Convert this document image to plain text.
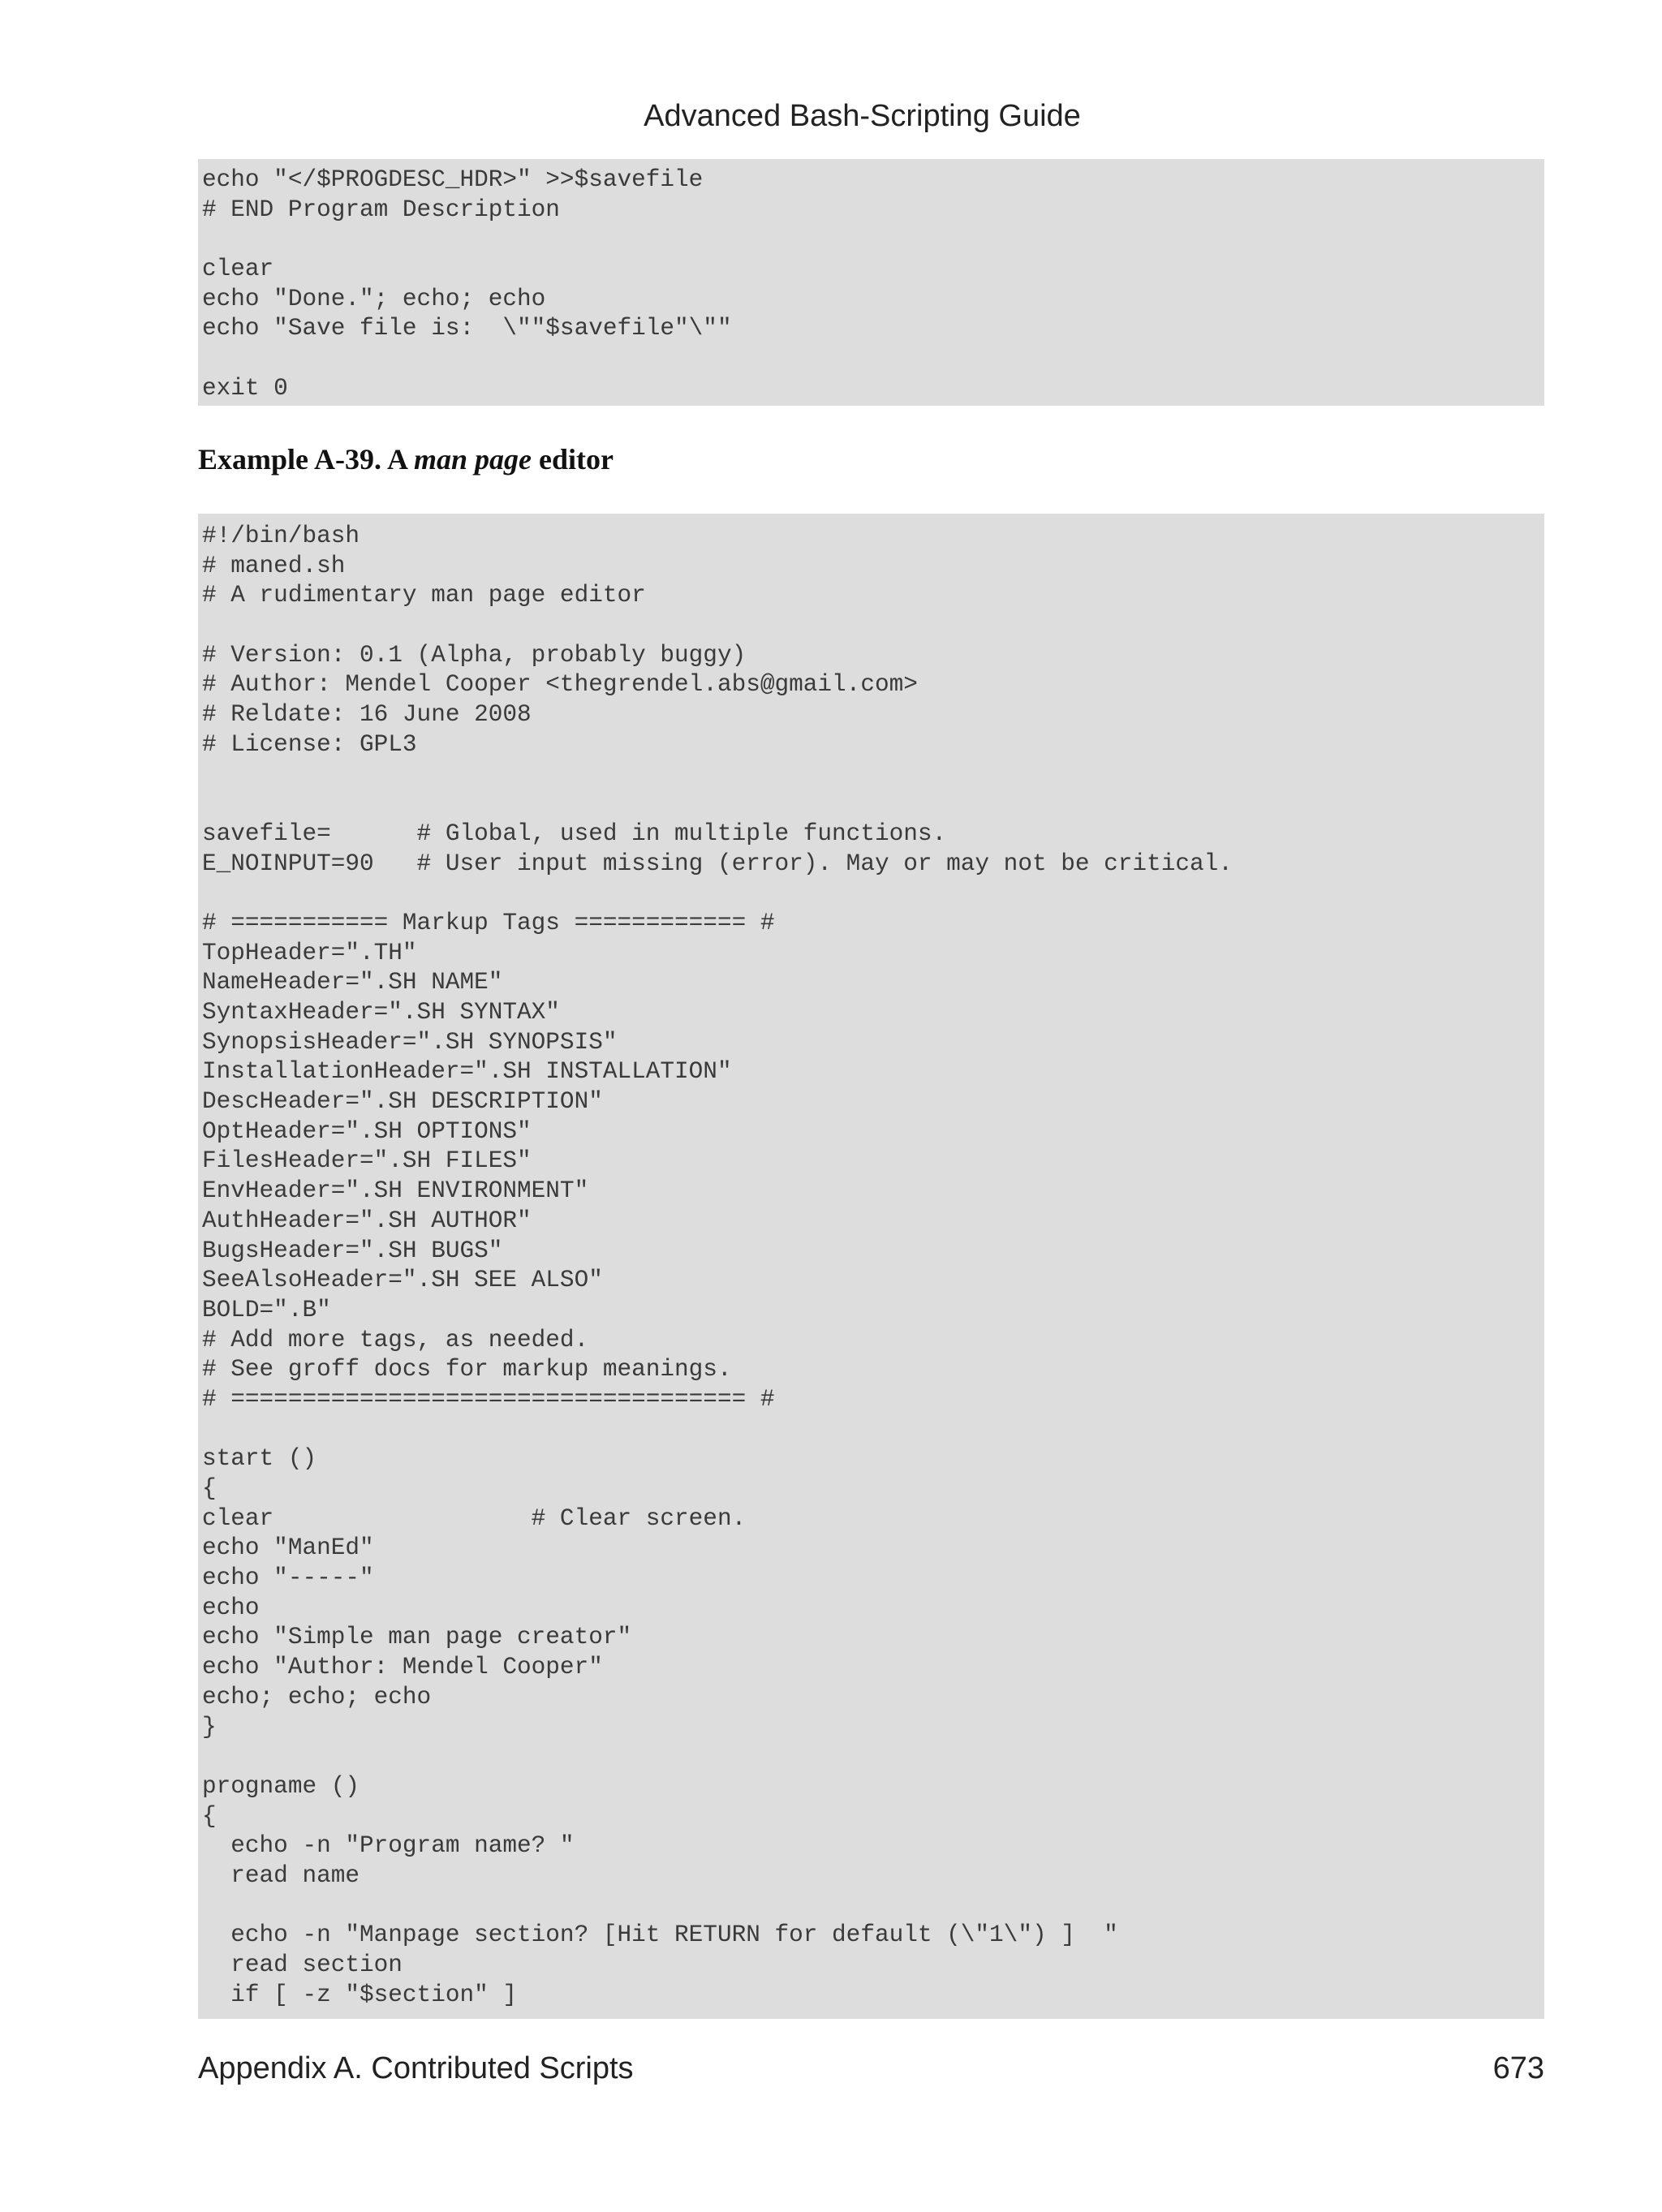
Advanced Bash-Scripting Guide
echo "</$PROGDESC_HDR>" >>$savefile
# END Program Description
clear
echo "Done."; echo; echo
echo "Save file is:  \""$savefile"\""
exit 0
Example A-39. A man page editor
#!/bin/bash
# maned.sh
# A rudimentary man page editor
# Version: 0.1 (Alpha, probably buggy)
# Author: Mendel Cooper <thegrendel.abs@gmail.com>
# Reldate: 16 June 2008
# License: GPL3
savefile=      # Global, used in multiple functions.
E_NOINPUT=90   # User input missing (error). May or may not be critical.
# =========== Markup Tags ============ #
TopHeader=".TH"
NameHeader=".SH NAME"
SyntaxHeader=".SH SYNTAX"
SynopsisHeader=".SH SYNOPSIS"
InstallationHeader=".SH INSTALLATION"
DescHeader=".SH DESCRIPTION"
OptHeader=".SH OPTIONS"
FilesHeader=".SH FILES"
EnvHeader=".SH ENVIRONMENT"
AuthHeader=".SH AUTHOR"
BugsHeader=".SH BUGS"
SeeAlsoHeader=".SH SEE ALSO"
BOLD=".B"
# Add more tags, as needed.
# See groff docs for markup meanings.
# ==================================== #
start ()
{
clear                  # Clear screen.
echo "ManEd"
echo "-----"
echo
echo "Simple man page creator"
echo "Author: Mendel Cooper"
echo; echo; echo
}
progname ()
{
echo -n "Program name? "
read name
echo -n "Manpage section? [Hit RETURN for default (\"1\") ]  "
read section
if [ -z "$section" ]
Appendix A. Contributed Scripts	673
